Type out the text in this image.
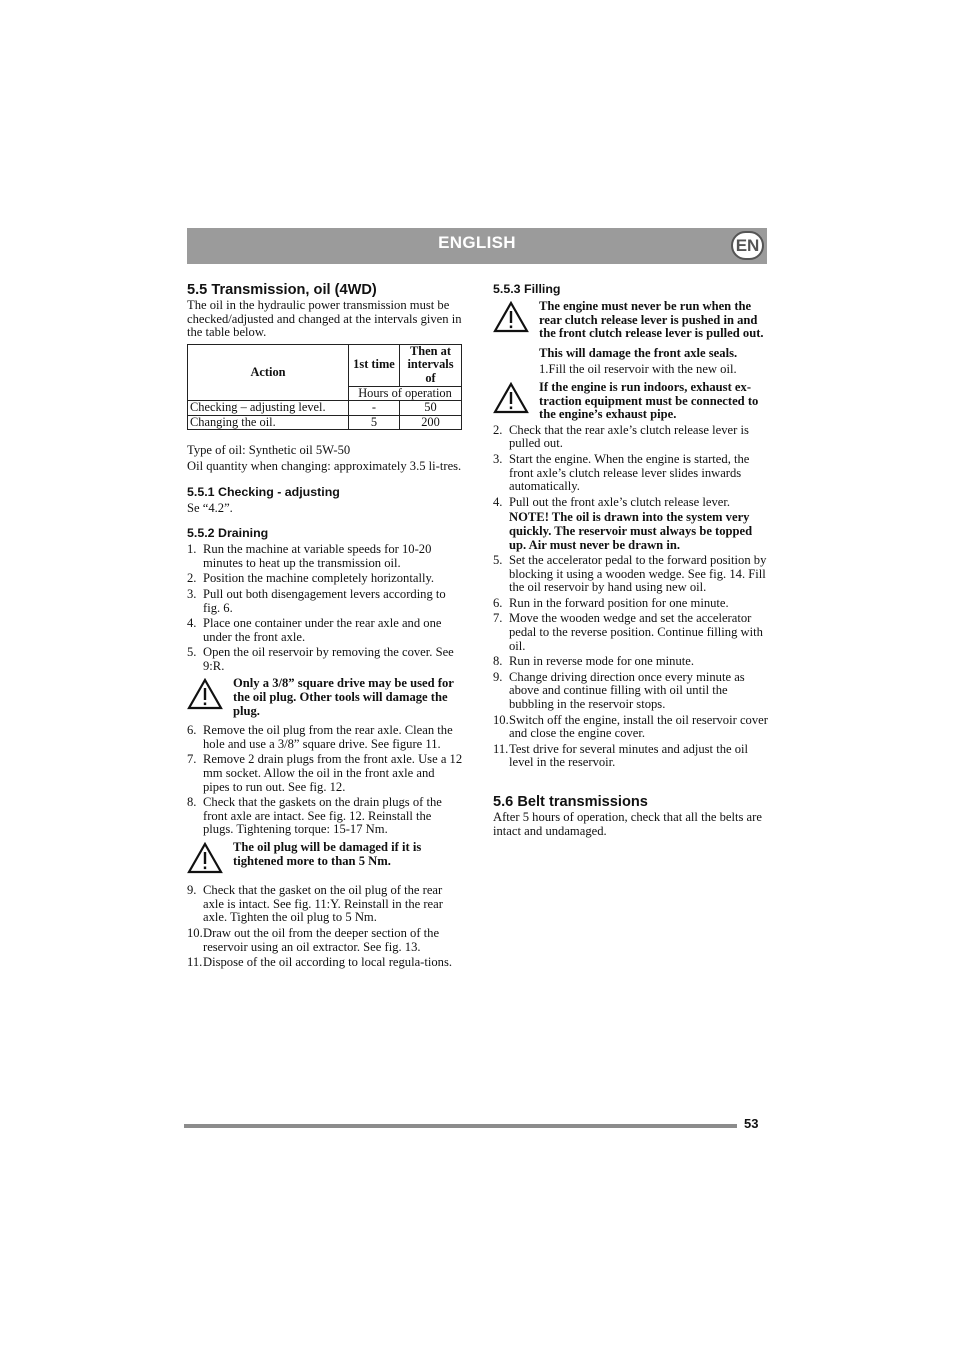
ENGLISH	EN
5.5 Transmission, oil (4WD)

The oil in the hydraulic power transmission must be checked/adjusted and changed at the intervals given in the table below.

Action	1st time	Then at intervals of
	Hours of operation	
Checking – adjusting level.	-	50
Changing the oil.	5	200

Type of oil: Synthetic oil 5W-50

Oil quantity when changing: approximately 3.5 li-tres.

5.5.1 Checking - adjusting

Se “4.2”.

5.5.2 Draining
1. Run the machine at variable speeds for 10-20 minutes to heat up the transmission oil.
2. Position the machine completely horizontally.
3. Pull out both disengagement levers according to fig. 6.
4. Place one container under the rear axle and one under the front axle.
5. Open the oil reservoir by removing the cover. See 9:R.
Only a 3/8” square drive may be used for the oil plug. Other tools will damage the plug.
6. Remove the oil plug from the rear axle. Clean the hole and use a 3/8” square drive. See figure 11.
7. Remove 2 drain plugs from the front axle. Use a 12 mm socket. Allow the oil in the front axle and pipes to run out. See fig. 12.
8. Check that the gaskets on the drain plugs of the front axle are intact. See fig. 12. Reinstall the plugs. Tightening torque: 15-17 Nm.
The oil plug will be damaged if it is tightened more to than 5 Nm.
9. Check that the gasket on the oil plug of the rear axle is intact. See fig. 11:Y. Reinstall in the rear axle. Tighten the oil plug to 5 Nm.
10. Draw out the oil from the deeper section of the reservoir using an oil extractor. See fig. 13.
11. Dispose of the oil according to local regula-tions.
5.5.3 Filling
The engine must never be run when the rear clutch release lever is pushed in and the front clutch release lever is pulled out.

This will damage the front axle seals.

1.Fill the oil reservoir with the new oil.

If the engine is run indoors, exhaust ex-traction equipment must be connected to the engine’s exhaust pipe.
2. Check that the rear axle’s clutch release lever is pulled out.
3. Start the engine. When the engine is started, the front axle’s clutch release lever slides inwards automatically.
4. Pull out the front axle’s clutch release lever.

NOTE! The oil is drawn into the system very quickly. The reservoir must always be topped up. Air must never be drawn in.

5. Set the accelerator pedal to the forward position by blocking it using a wooden wedge. See fig. 14. Fill the oil reservoir by hand using new oil.
6. Run in the forward position for one minute.
7. Move the wooden wedge and set the accelerator pedal to the reverse position. Continue filling with oil.
8. Run in reverse mode for one minute.
9. Change driving direction once every minute as above and continue filling with oil until the bubbling in the reservoir stops.
10. Switch off the engine, install the oil reservoir cover and close the engine cover.
11. Test drive for several minutes and adjust the oil level in the reservoir.
5.6 Belt transmissions

After 5 hours of operation, check that all the belts are intact and undamaged.

53
